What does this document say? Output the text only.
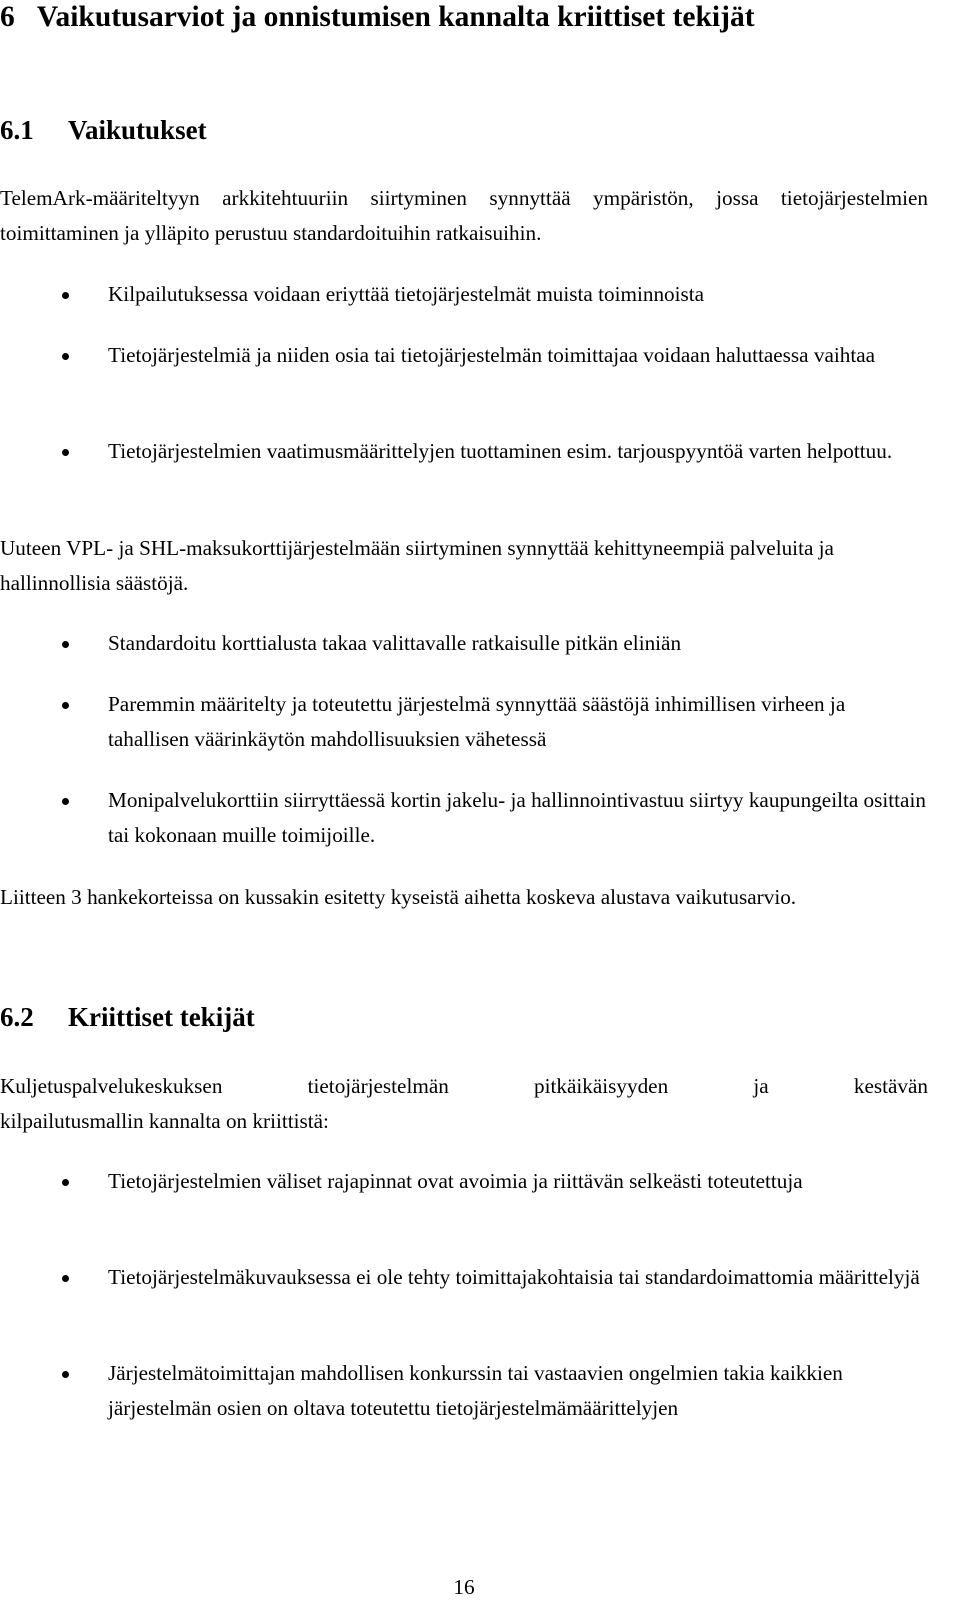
6   Vaikutusarviot ja onnistumisen kannalta kriittiset tekijät
6.1 Vaikutukset

TelemArk-määriteltyyn arkkitehtuuriin siirtyminen synnyttää ympäristön, jossa tietojärjestelmien toimittaminen ja ylläpito perustuu standardoituihin ratkaisuihin.

Kilpailutuksessa voidaan eriyttää tietojärjestelmät muista toiminnoista

Tietojärjestelmiä ja niiden osia tai tietojärjestelmän toimittajaa voidaan haluttaessa vaihtaa

Tietojärjestelmien vaatimusmäärittelyjen tuottaminen esim. tarjouspyyntöä varten helpottuu.

Uuteen VPL- ja SHL-maksukorttijärjestelmään siirtyminen synnyttää kehittyneempiä palveluita ja hallinnollisia säästöjä.

Standardoitu korttialusta takaa valittavalle ratkaisulle pitkän eliniän

Paremmin määritelty ja toteutettu järjestelmä synnyttää säästöjä inhimillisen virheen ja tahallisen väärinkäytön mahdollisuuksien vähetessä

Monipalvelukorttiin siirryttäessä kortin jakelu- ja hallinnointivastuu siirtyy kaupungeilta osittain tai kokonaan muille toimijoille.

Liitteen 3 hankekorteissa on kussakin esitetty kyseistä aihetta koskeva alustava vaikutusarvio.

6.2 Kriittiset tekijät

Kuljetuspalvelukeskuksen tietojärjestelmän pitkäikäisyyden ja kestävän

kilpailutusmallin kannalta on kriittistä:

Tietojärjestelmien väliset rajapinnat ovat avoimia ja riittävän selkeästi toteutettuja

Tietojärjestelmäkuvauksessa ei ole tehty toimittajakohtaisia tai standardoimattomia määrittelyjä

Järjestelmätoimittajan mahdollisen konkurssin tai vastaavien ongelmien takia kaikkien järjestelmän osien on oltava toteutettu tietojärjestelmämäärittelyjen

16
